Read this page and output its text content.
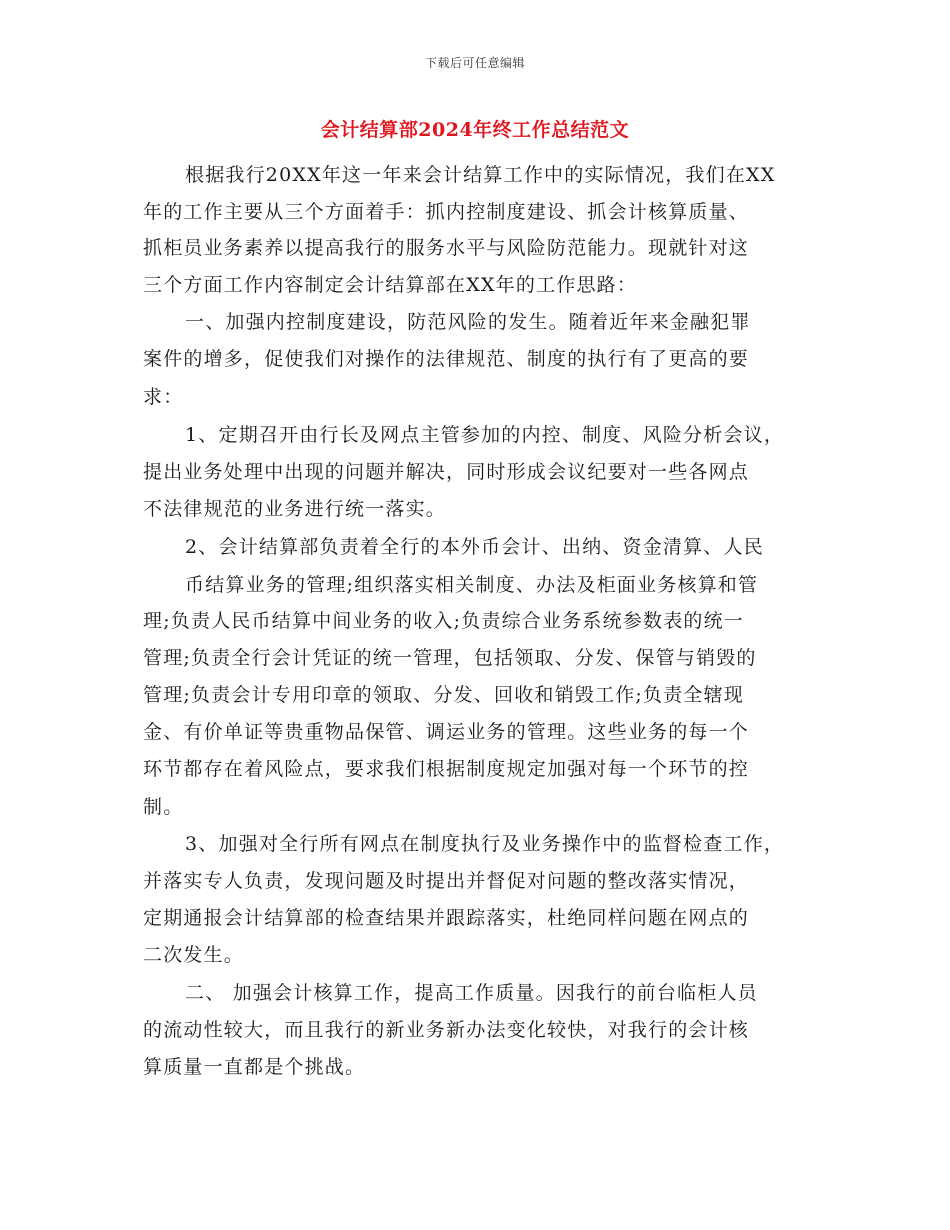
下载后可任意编辑
会计结算部2024年终工作总结范文
根据我行20XX年这一年来会计结算工作中的实际情况，我们在XX
年的工作主要从三个方面着手：抓内控制度建设、抓会计核算质量、
抓柜员业务素养以提高我行的服务水平与风险防范能力。现就针对这
三个方面工作内容制定会计结算部在XX年的工作思路：
一、加强内控制度建设，防范风险的发生。随着近年来金融犯罪
案件的增多，促使我们对操作的法律规范、制度的执行有了更高的要
求：
1、定期召开由行长及网点主管参加的内控、制度、风险分析会议，
提出业务处理中出现的问题并解决，同时形成会议纪要对一些各网点
不法律规范的业务进行统一落实。
2、会计结算部负责着全行的本外币会计、出纳、资金清算、人民
币结算业务的管理;组织落实相关制度、办法及柜面业务核算和管
理;负责人民币结算中间业务的收入;负责综合业务系统参数表的统一
管理;负责全行会计凭证的统一管理，包括领取、分发、保管与销毁的
管理;负责会计专用印章的领取、分发、回收和销毁工作;负责全辖现
金、有价单证等贵重物品保管、调运业务的管理。这些业务的每一个
环节都存在着风险点，要求我们根据制度规定加强对每一个环节的控
制。
3、加强对全行所有网点在制度执行及业务操作中的监督检查工作，
并落实专人负责，发现问题及时提出并督促对问题的整改落实情况，
定期通报会计结算部的检查结果并跟踪落实，杜绝同样问题在网点的
二次发生。
二、 加强会计核算工作，提高工作质量。因我行的前台临柜人员
的流动性较大，而且我行的新业务新办法变化较快，对我行的会计核
算质量一直都是个挑战。
